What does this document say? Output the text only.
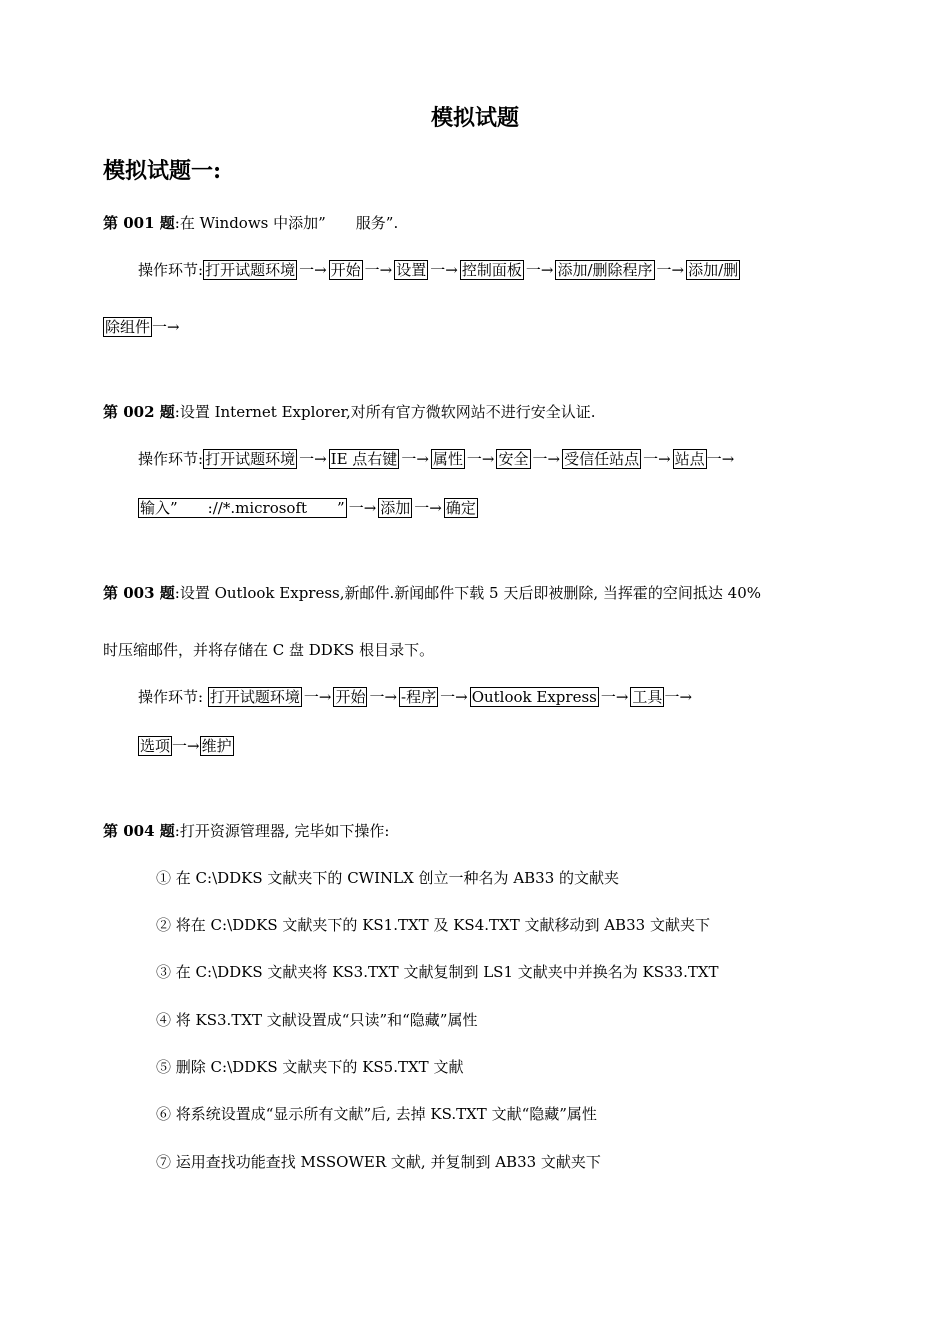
模拟试题
模拟试题一:
第 001 题:在 Windows 中添加”　　服务”.
操作环节: 打开试题环境 一→ 开始 一→ 设置 一→ 控制面板 一→ 添加/删除程序 一→ 添加/删
除组件 一→
第 002 题:设置 Internet Explorer,对所有官方微软网站不进行安全认证.
操作环节: 打开试题环境 一→ IE 点右键 一→ 属性 一→ 安全 一→ 受信任站点 一→ 站点 一→
输入”　　://*.microsoft　　” 一→ 添加 一→ 确定
第 003 题:设置 Outlook Express,新邮件.新闻邮件下载 5 天后即被删除, 当挥霍的空间抵达 40%
时压缩邮件，并将存储在 C 盘 DDKS 根目录下。
操作环节: 打开试题环境 一→ 开始 一→ -程序 一→ Outlook Express 一→ 工具 一→
选项 一→ 维护
第 004 题:打开资源管理器, 完毕如下操作:
① 在 C:\DDKS 文献夹下的 CWINLX 创立一种名为 AB33 的文献夹
② 将在 C:\DDKS 文献夹下的 KS1.TXT 及 KS4.TXT 文献移动到 AB33 文献夹下
③ 在 C:\DDKS 文献夹将 KS3.TXT 文献复制到 LS1 文献夹中并换名为 KS33.TXT
④ 将 KS3.TXT 文献设置成“只读”和“隐藏”属性
⑤ 删除 C:\DDKS 文献夹下的 KS5.TXT 文献
⑥ 将系统设置成“显示所有文献”后, 去掉 KS.TXT 文献“隐藏”属性
⑦ 运用查找功能查找 MSSOWER 文献, 并复制到 AB33 文献夹下
